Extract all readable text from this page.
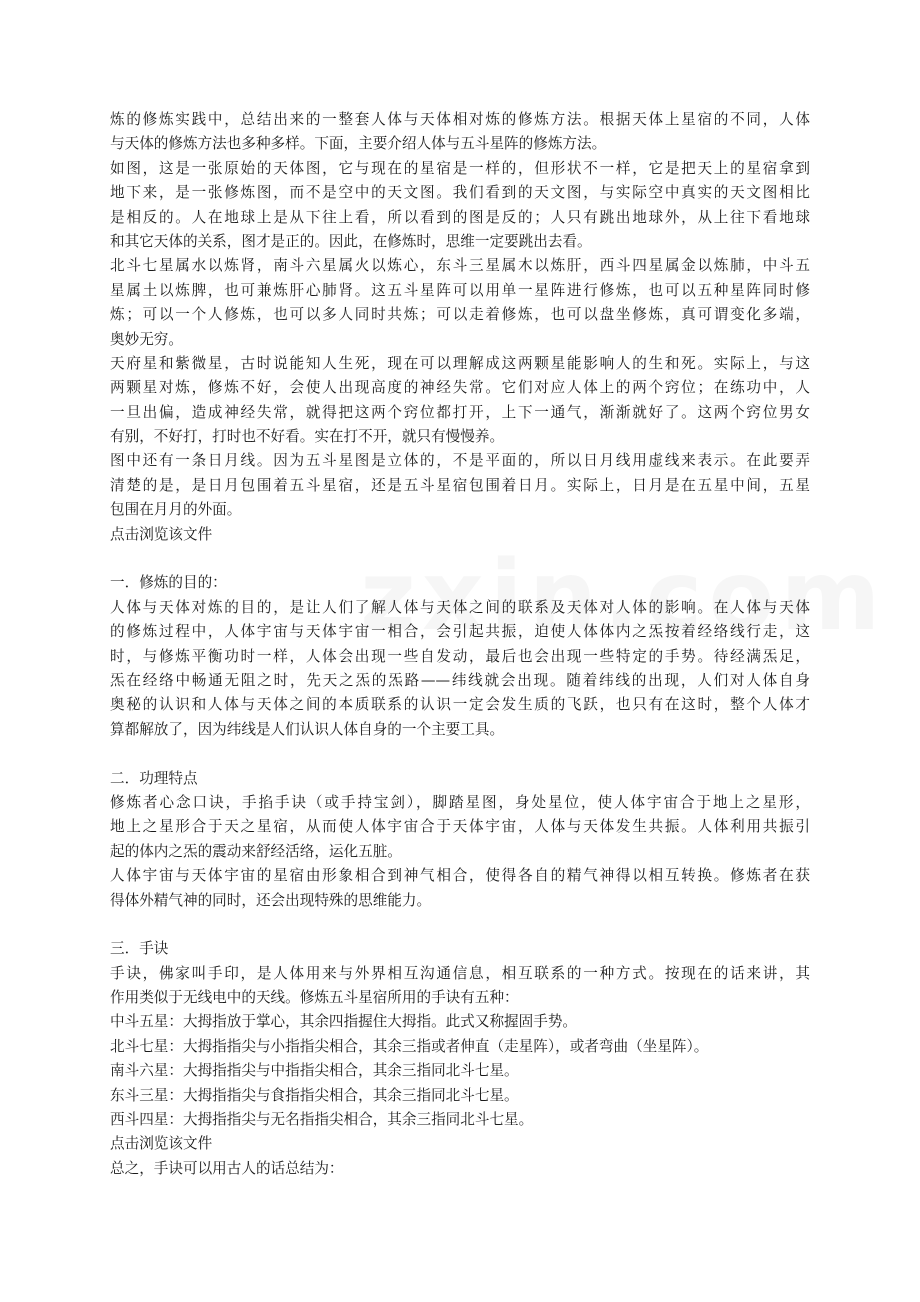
炼的修炼实践中，总结出来的一整套人体与天体相对炼的修炼方法。根据天体上星宿的不同，人体
与天体的修炼方法也多种多样。下面，主要介绍人体与五斗星阵的修炼方法。
如图，这是一张原始的天体图，它与现在的星宿是一样的，但形状不一样，它是把天上的星宿拿到
地下来，是一张修炼图，而不是空中的天文图。我们看到的天文图，与实际空中真实的天文图相比
是相反的。人在地球上是从下往上看，所以看到的图是反的；人只有跳出地球外，从上往下看地球
和其它天体的关系，图才是正的。因此，在修炼时，思维一定要跳出去看。
北斗七星属水以炼肾，南斗六星属火以炼心，东斗三星属木以炼肝，西斗四星属金以炼肺，中斗五
星属土以炼脾，也可兼炼肝心肺肾。这五斗星阵可以用单一星阵进行修炼，也可以五种星阵同时修
炼；可以一个人修炼，也可以多人同时共炼；可以走着修炼，也可以盘坐修炼，真可谓变化多端，
奥妙无穷。
天府星和紫微星，古时说能知人生死，现在可以理解成这两颗星能影响人的生和死。实际上，与这
两颗星对炼，修炼不好，会使人出现高度的神经失常。它们对应人体上的两个窍位；在练功中，人
一旦出偏，造成神经失常，就得把这两个窍位都打开，上下一通气，渐渐就好了。这两个窍位男女
有别，不好打，打时也不好看。实在打不开，就只有慢慢养。
图中还有一条日月线。因为五斗星图是立体的，不是平面的，所以日月线用虚线来表示。在此要弄
清楚的是，是日月包围着五斗星宿，还是五斗星宿包围着日月。实际上，日月是在五星中间，五星
包围在月月的外面。
点击浏览该文件
一．修炼的目的：
人体与天体对炼的目的，是让人们了解人体与天体之间的联系及天体对人体的影响。在人体与天体
的修炼过程中，人体宇宙与天体宇宙一相合，会引起共振，迫使人体体内之炁按着经络线行走，这
时，与修炼平衡功时一样，人体会出现一些自发动，最后也会出现一些特定的手势。待经满炁足，
炁在经络中畅通无阻之时，先天之炁的炁路——纬线就会出现。随着纬线的出现，人们对人体自身
奥秘的认识和人体与天体之间的本质联系的认识一定会发生质的飞跃，也只有在这时，整个人体才
算都解放了，因为纬线是人们认识人体自身的一个主要工具。
二．功理特点
修炼者心念口诀，手掐手诀（或手持宝剑），脚踏星图，身处星位，使人体宇宙合于地上之星形，
地上之星形合于天之星宿，从而使人体宇宙合于天体宇宙，人体与天体发生共振。人体利用共振引
起的体内之炁的震动来舒经活络，运化五脏。
人体宇宙与天体宇宙的星宿由形象相合到神气相合，使得各自的精气神得以相互转换。修炼者在获
得体外精气神的同时，还会出现特殊的思维能力。
三．手诀
手诀，佛家叫手印，是人体用来与外界相互沟通信息，相互联系的一种方式。按现在的话来讲，其
作用类似于无线电中的天线。修炼五斗星宿所用的手诀有五种：
中斗五星：大拇指放于掌心，其余四指握住大拇指。此式又称握固手势。
北斗七星：大拇指指尖与小指指尖相合，其余三指或者伸直（走星阵），或者弯曲（坐星阵）。
南斗六星：大拇指指尖与中指指尖相合，其余三指同北斗七星。
东斗三星：大拇指指尖与食指指尖相合，其余三指同北斗七星。
西斗四星：大拇指指尖与无名指指尖相合，其余三指同北斗七星。
点击浏览该文件
总之，手诀可以用古人的话总结为：
